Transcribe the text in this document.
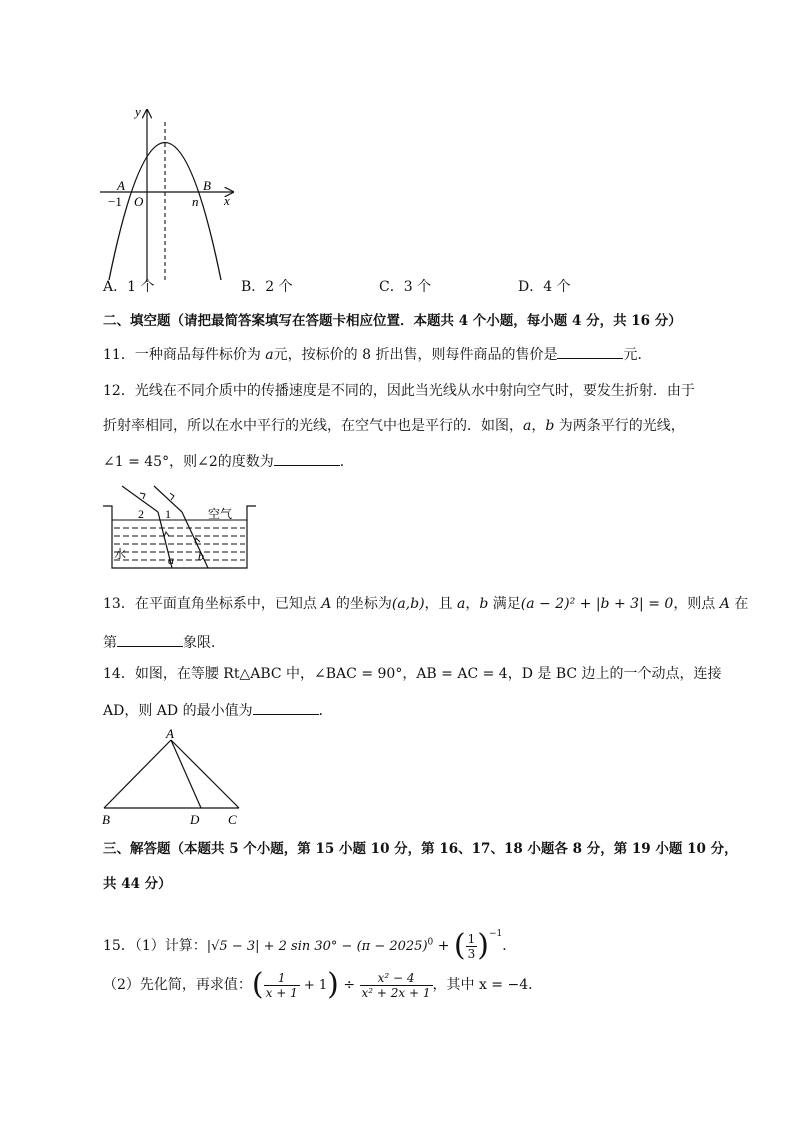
y
x
A	B
−1 O	n
A．1 个	B．2 个	C．3 个	D．4 个
二、填空题（请把最简答案填写在答题卡相应位置．本题共 4 个小题，每小题 4 分，共 16 分）
11．一种商品每件标价为 a元，按标价的 8 折出售，则每件商品的售价是	元．
12．光线在不同介质中的传播速度是不同的，因此当光线从水中射向空气时，要发生折射．由于
折射率相同，所以在水中平行的光线，在空气中也是平行的．如图，a，b 为两条平行的光线，
∠1 = 45°，则∠2的度数为	．
2 1	空气
水	a b
13．在平面直角坐标系中，已知点 A 的坐标为(a,b)，且 a，b 满足(a − 2)² + |b + 3| = 0，则点 A 在
第	象限．
14．如图，在等腰 Rt△ABC 中，∠BAC = 90°，AB = AC = 4，D 是 BC 边上的一个动点，连接
AD，则 AD 的最小值为	．
A
B	C
D
三、解答题（本题共 5 个小题，第 15 小题 10 分，第 16、17、18 小题各 8 分，第 19 小题 10 分，
共 44 分）
15．（1）计算：|√5 − 3| + 2 $\sin 30^\circ - (\pi - 2025)^0$ + ( $\frac{1}{3} )^{-1}$．
（2）先化简，再求值：( $\frac{1}{x + 1} + 1) \div \frac{\text{x² − 4}}{\text{x² + 2x + 1}}$ ，其中 x = −4．
